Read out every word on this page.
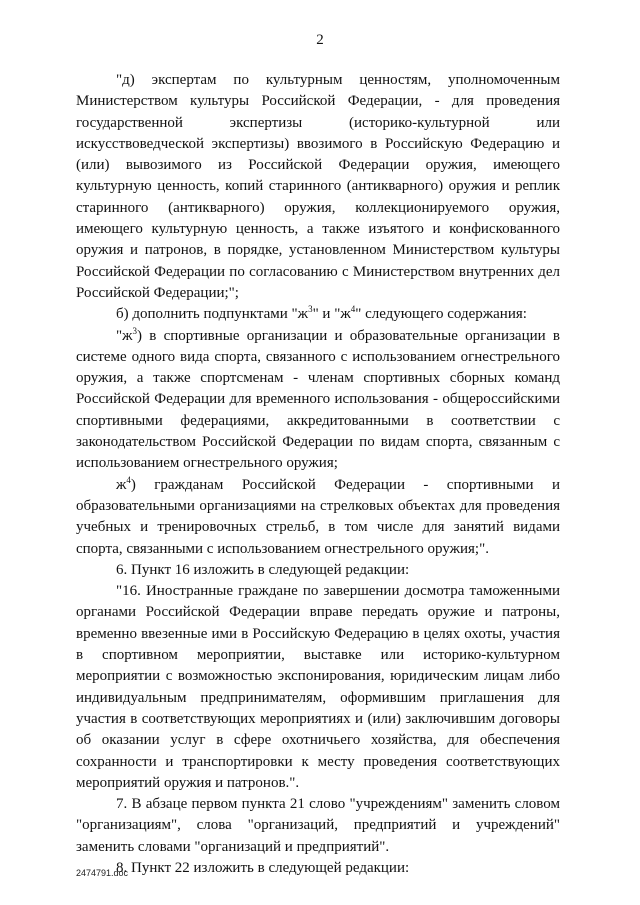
2

"д) экспертам по культурным ценностям, уполномоченным Министерством культуры Российской Федерации, - для проведения государственной экспертизы (историко-культурной или искусствоведческой экспертизы) ввозимого в Российскую Федерацию и (или) вывозимого из Российской Федерации оружия, имеющего культурную ценность, копий старинного (антикварного) оружия и реплик старинного (антикварного) оружия, коллекционируемого оружия, имеющего культурную ценность, а также изъятого и конфискованного оружия и патронов, в порядке, установленном Министерством культуры Российской Федерации по согласованию с Министерством внутренних дел Российской Федерации;";

б) дополнить подпунктами "$ж^3$" и "$ж^4$" следующего содержания:

"$ж^3$) в спортивные организации и образовательные организации в системе одного вида спорта, связанного с использованием огнестрельного оружия, а также спортсменам - членам спортивных сборных команд Российской Федерации для временного использования - общероссийскими спортивными федерациями, аккредитованными в соответствии с законодательством Российской Федерации по видам спорта, связанным с использованием огнестрельного оружия;

$ж^4$) гражданам Российской Федерации - спортивными и образовательными организациями на стрелковых объектах для проведения учебных и тренировочных стрельб, в том числе для занятий видами спорта, связанными с использованием огнестрельного оружия;".

6. Пункт 16 изложить в следующей редакции:

"16. Иностранные граждане по завершении досмотра таможенными органами Российской Федерации вправе передать оружие и патроны, временно ввезенные ими в Российскую Федерацию в целях охоты, участия в спортивном мероприятии, выставке или историко-культурном мероприятии с возможностью экспонирования, юридическим лицам либо индивидуальным предпринимателям, оформившим приглашения для участия в соответствующих мероприятиях и (или) заключившим договоры об оказании услуг в сфере охотничьего хозяйства, для обеспечения сохранности и транспортировки к месту проведения соответствующих мероприятий оружия и патронов.".

7. В абзаце первом пункта 21 слово "учреждениям" заменить словом "организациям", слова "организаций, предприятий и учреждений" заменить словами "организаций и предприятий".

8. Пункт 22 изложить в следующей редакции:

2474791.doc
